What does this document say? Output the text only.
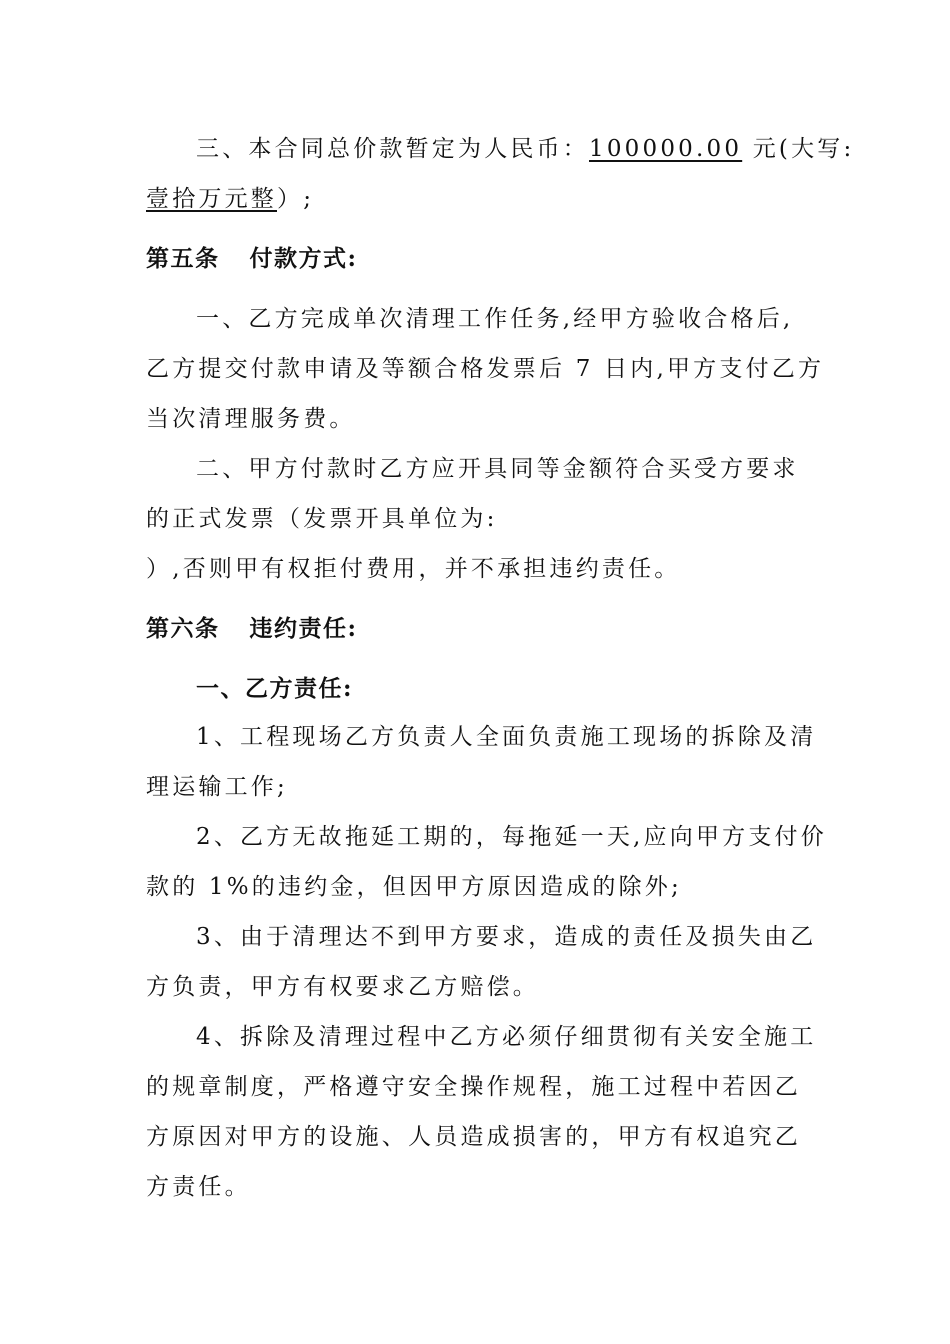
三、本合同总价款暂定为人民币：100000.00 元(大写:
壹拾万元整）;
第五条 付款方式:
一、乙方完成单次清理工作任务,经甲方验收合格后,
乙方提交付款申请及等额合格发票后 7 日内,甲方支付乙方
当次清理服务费。
二、甲方付款时乙方应开具同等金额符合买受方要求
的正式发票（发票开具单位为:
）,否则甲有权拒付费用，并不承担违约责任。
第六条 违约责任:
一、乙方责任:
1、工程现场乙方负责人全面负责施工现场的拆除及清
理运输工作;
2、乙方无故拖延工期的，每拖延一天,应向甲方支付价
款的 1%的违约金，但因甲方原因造成的除外;
3、由于清理达不到甲方要求，造成的责任及损失由乙
方负责，甲方有权要求乙方赔偿。
4、拆除及清理过程中乙方必须仔细贯彻有关安全施工
的规章制度，严格遵守安全操作规程，施工过程中若因乙
方原因对甲方的设施、人员造成损害的，甲方有权追究乙
方责任。
